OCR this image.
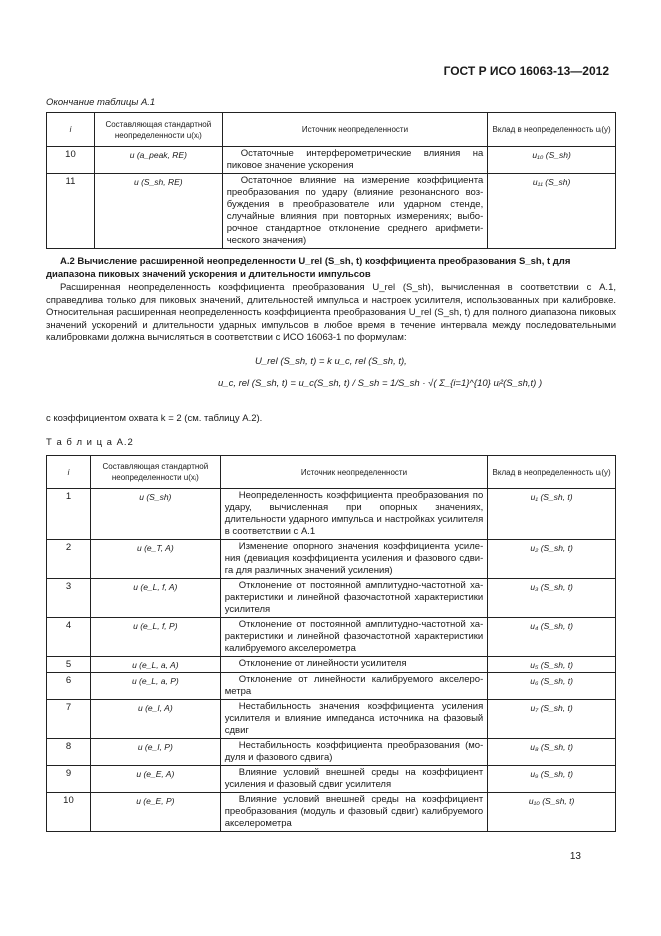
ГОСТ Р ИСО 16063-13—2012
Окончание таблицы А.1
i	Составляющая стандартной неопределенности u(xᵢ)	Источник неопределенности	Вклад в неопределенность uᵢ(y)
10	u (a_peak, RE)	Остаточные интерферометрические влияния на пиковое значение ускорения	u₁₀ (S_sh)
11	u (S_sh, RE)	Остаточное влияние на измерение коэффициента преобразования по удару (влияние резонансного возбуждения в преобразователе или ударном стенде, случайные влияния при повторных измерениях; выборочное стандартное отклонение среднего арифметического значения)	u₁₁ (S_sh)
А.2 Вычисление расширенной неопределенности U_rel (S_sh, t) коэффициента преобразования S_sh, t для диапазона пиковых значений ускорения и длительности импульсов
Расширенная неопределенность коэффициента преобразования U_rel (S_sh), вычисленная в соответствии с А.1, справедлива только для пиковых значений, длительностей импульса и настроек усилителя, использованных при калибровке. Относительная расширенная неопределенность коэффициента преобразования U_rel (S_sh, t) для полного диапазона пиковых значений ускорений и длительности ударных импульсов в любое время в течение интервала между последовательными калибровками должна вычисляться в соответствии с ИСО 16063-1 по формулам:
U_rel (S_sh, t) = k u_c, rel (S_sh, t),
u_c, rel (S_sh, t) = u_c(S_sh, t) / S_sh = 1/S_sh · √( Σ_{i=1}^{10} uᵢ²(S_sh,t) )
с коэффициентом охвата k = 2 (см. таблицу А.2).
Т а б л и ц а А.2
i	Составляющая стандартной неопределенности u(xᵢ)	Источник неопределенности	Вклад в неопределенность uᵢ(y)
1	u (S_sh)	Неопределенность коэффициента преобразования по удару, вычисленная при опорных значениях, длительности ударного импульса и настройках усилителя в соответствии с А.1	u₁ (S_sh, t)
2	u (e_T, A)	Изменение опорного значения коэффициента усиления (девиация коэффициента усиления и фазового сдвига для различных значений усиления)	u₂ (S_sh, t)
3	u (e_L, f, A)	Отклонение от постоянной амплитудно-частотной характеристики и линейной фазочастотной характеристики усилителя	u₃ (S_sh, t)
4	u (e_L, f, P)	Отклонение от постоянной амплитудно-частотной характеристики и линейной фазочастотной характеристики калибруемого акселерометра	u₄ (S_sh, t)
5	u (e_L, a, A)	Отклонение от линейности усилителя	u₅ (S_sh, t)
6	u (e_L, a, P)	Отклонение от линейности калибруемого акселерометра	u₆ (S_sh, t)
7	u (e_I, A)	Нестабильность значения коэффициента усиления усилителя и влияние импеданса источника на фазовый сдвиг	u₇ (S_sh, t)
8	u (e_I, P)	Нестабильность коэффициента преобразования (модуля и фазового сдвига)	u₈ (S_sh, t)
9	u (e_E, A)	Влияние условий внешней среды на коэффициент усиления и фазовый сдвиг усилителя	u₉ (S_sh, t)
10	u (e_E, P)	Влияние условий внешней среды на коэффициент преобразования (модуль и фазовый сдвиг) калибруемого акселерометра	u₁₀ (S_sh, t)
13
